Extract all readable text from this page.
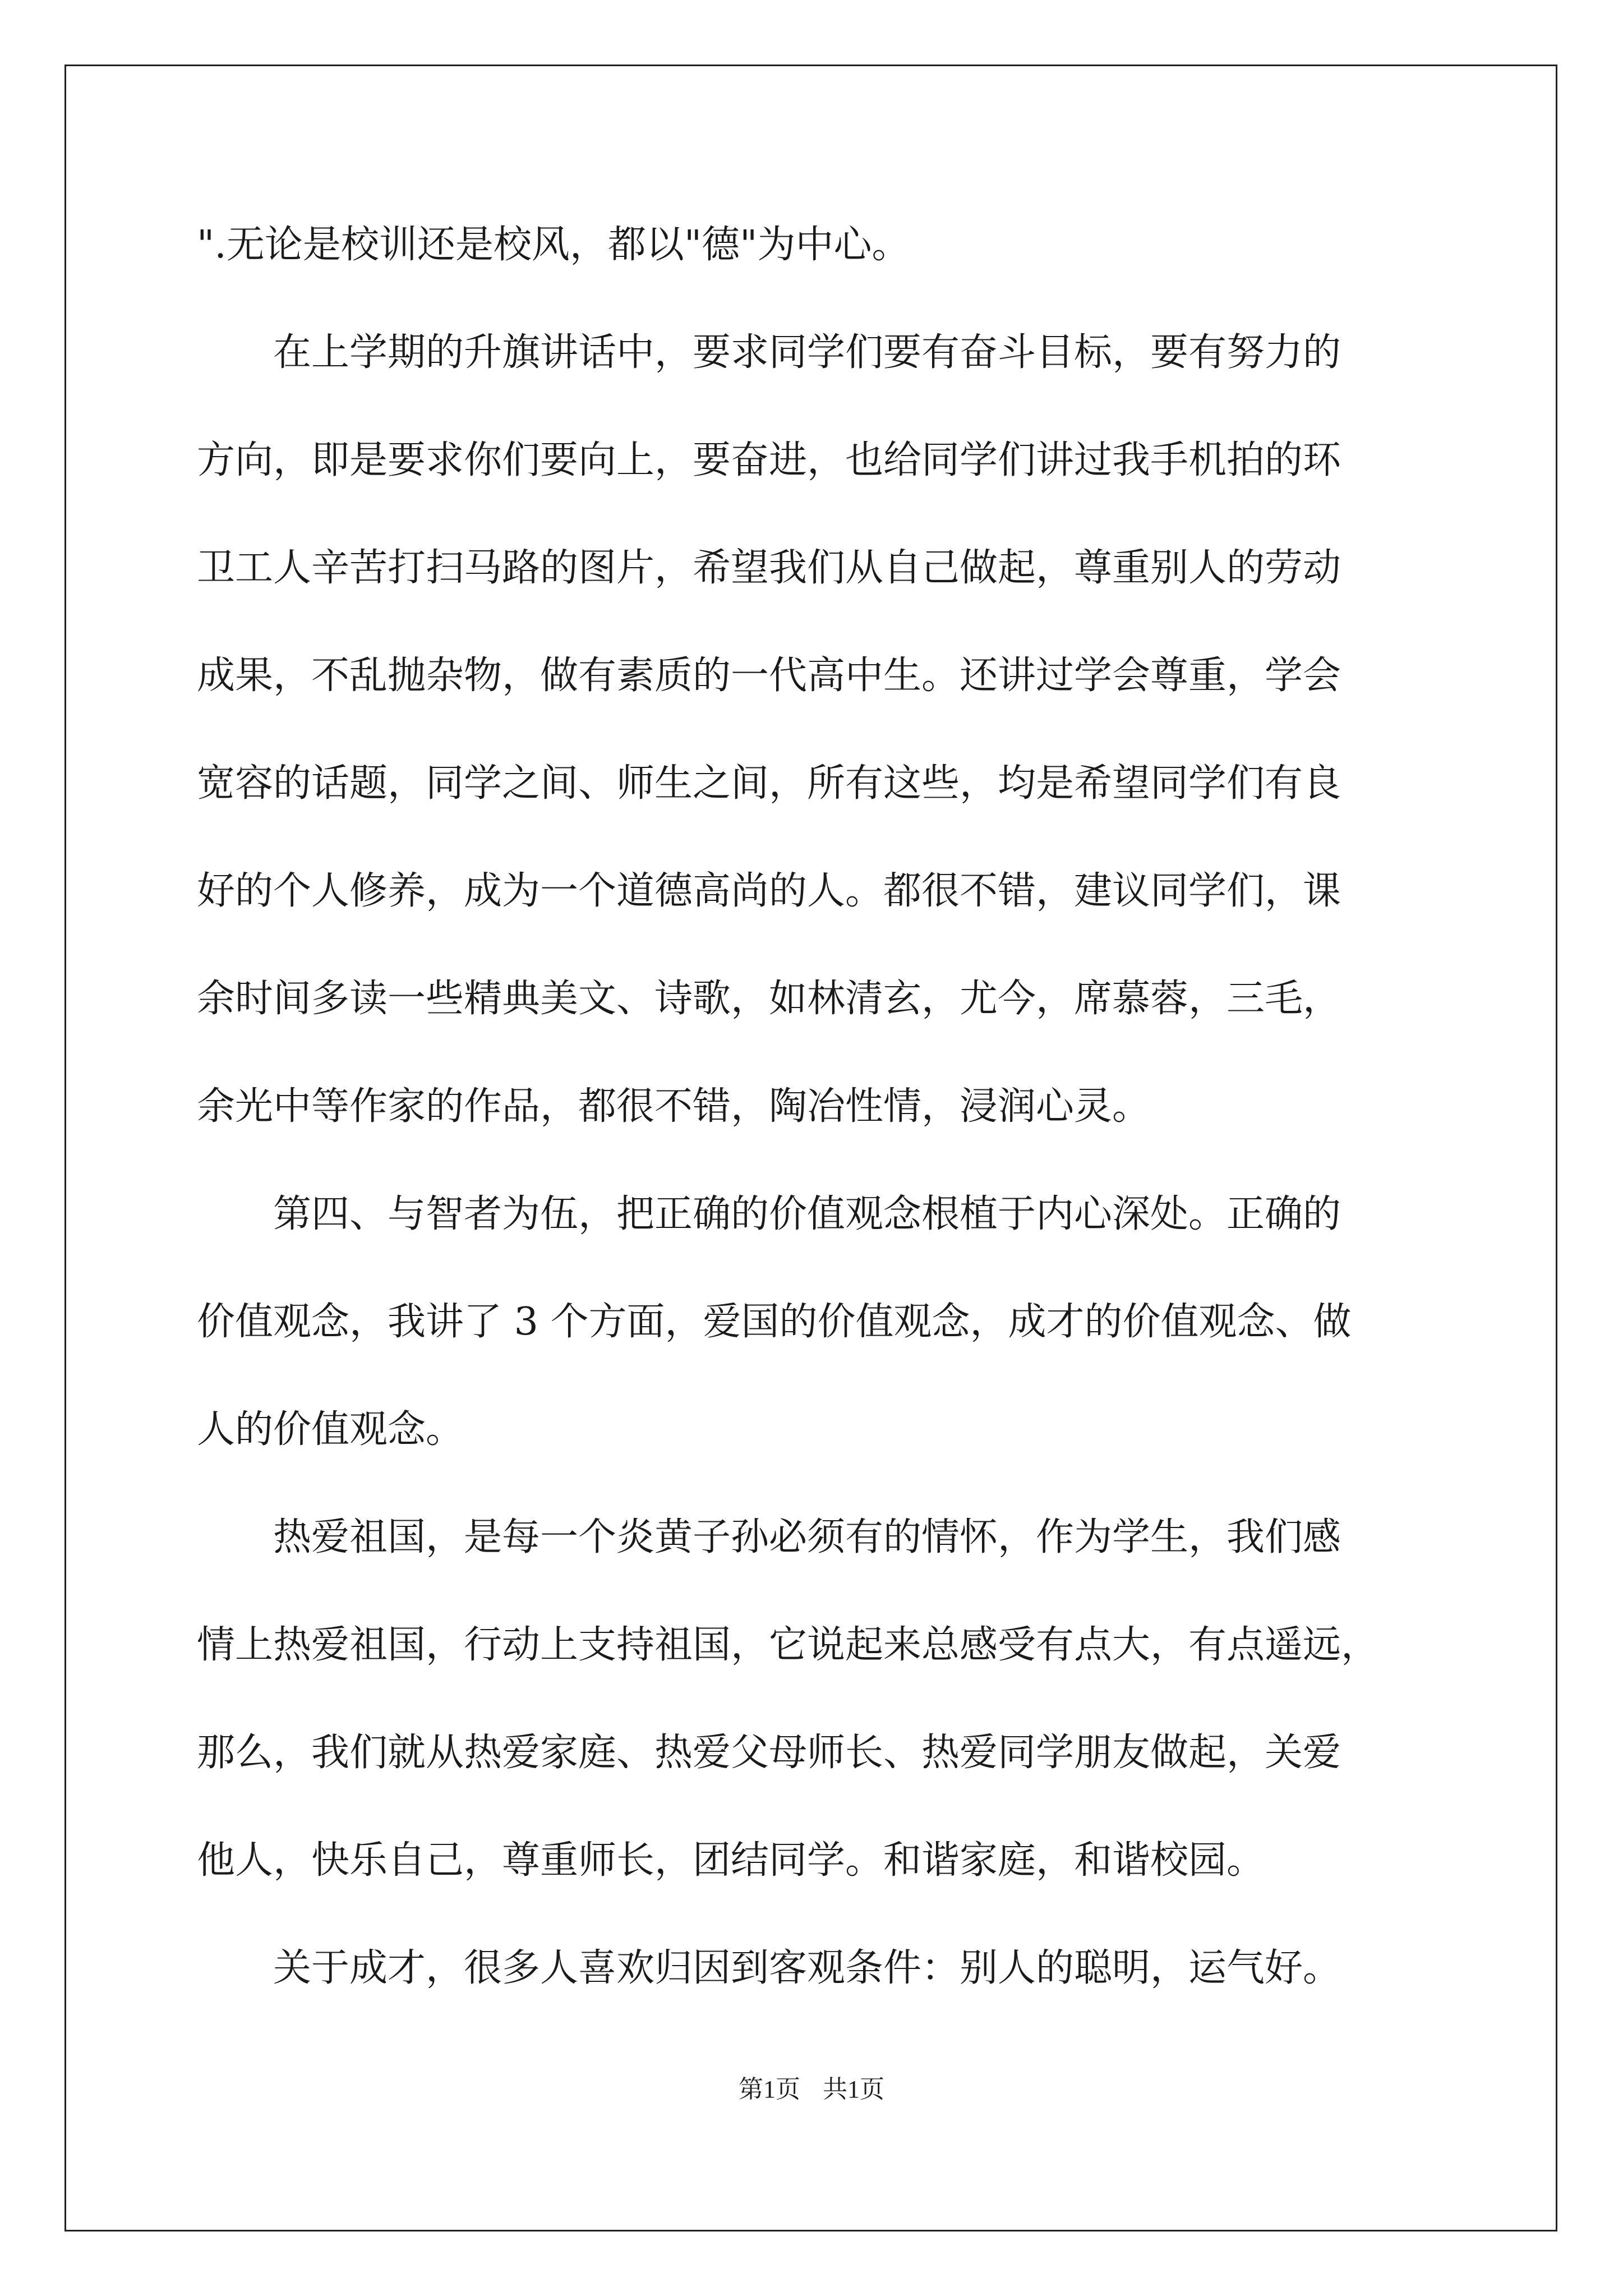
".无论是校训还是校风，都以"德"为中心。
在上学期的升旗讲话中，要求同学们要有奋斗目标，要有努力的
方向，即是要求你们要向上，要奋进，也给同学们讲过我手机拍的环
卫工人辛苦打扫马路的图片，希望我们从自己做起，尊重别人的劳动
成果，不乱抛杂物，做有素质的一代高中生。还讲过学会尊重，学会
宽容的话题，同学之间、师生之间，所有这些，均是希望同学们有良
好的个人修养，成为一个道德高尚的人。都很不错，建议同学们，课
余时间多读一些精典美文、诗歌，如林清玄，尤今，席慕蓉，三毛，
余光中等作家的作品，都很不错，陶冶性情，浸润心灵。
第四、与智者为伍，把正确的价值观念根植于内心深处。正确的
价值观念，我讲了 3 个方面，爱国的价值观念，成才的价值观念、做
人的价值观念。
热爱祖国，是每一个炎黄子孙必须有的情怀，作为学生，我们感
情上热爱祖国，行动上支持祖国，它说起来总感受有点大，有点遥远，
那么，我们就从热爱家庭、热爱父母师长、热爱同学朋友做起，关爱
他人，快乐自己，尊重师长，团结同学。和谐家庭，和谐校园。
关于成才，很多人喜欢归因到客观条件：别人的聪明，运气好。
第1页 共1页
